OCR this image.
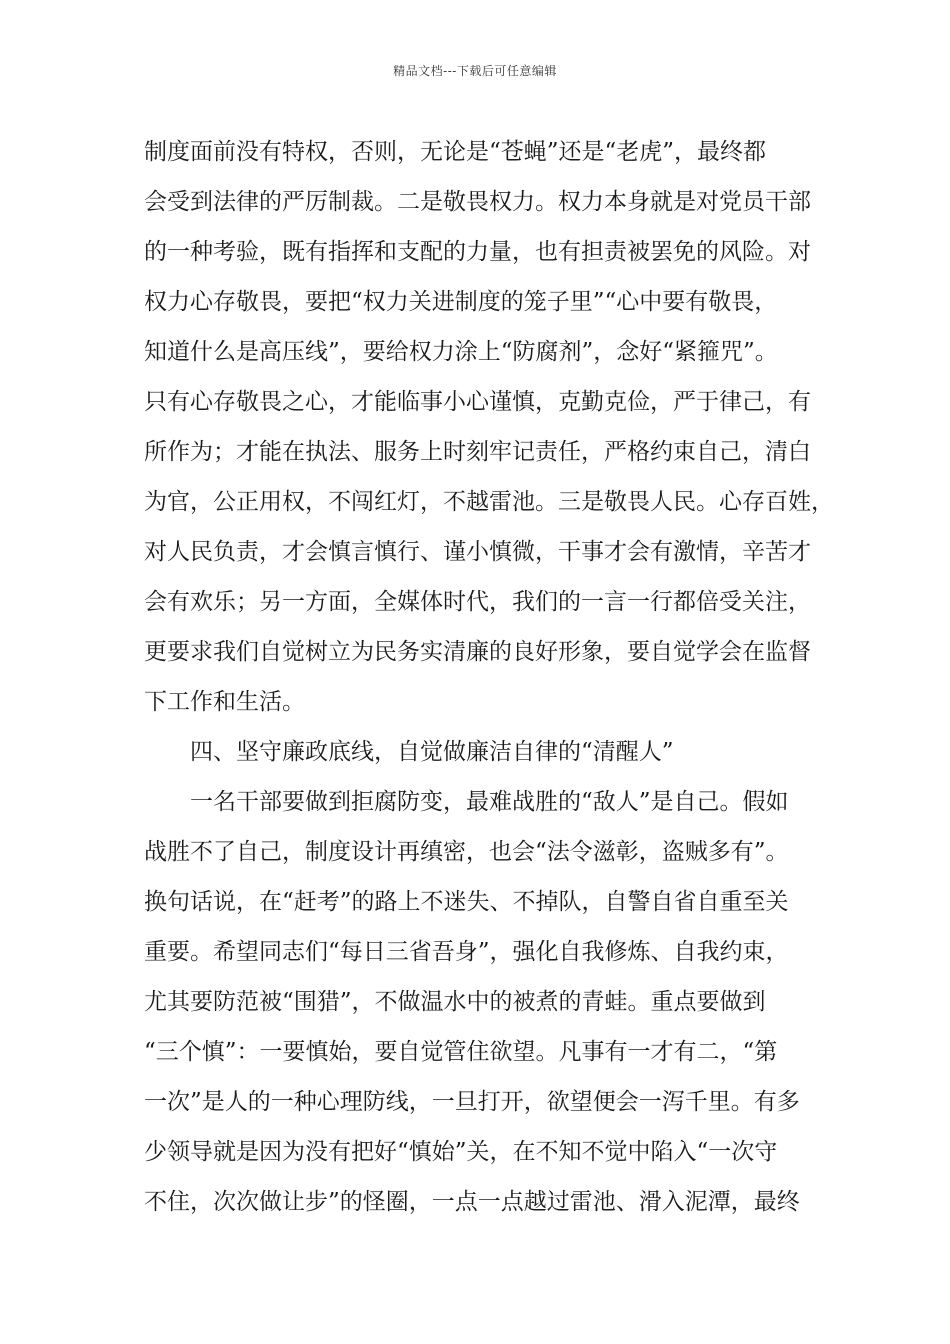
精品文档---下载后可任意编辑
制度面前没有特权，否则，无论是“苍蝇”还是“老虎”，最终都
会受到法律的严厉制裁。二是敬畏权力。权力本身就是对党员干部
的一种考验，既有指挥和支配的力量，也有担责被罢免的风险。对
权力心存敬畏，要把“权力关进制度的笼子里”“心中要有敬畏，
知道什么是高压线”，要给权力涂上“防腐剂”，念好“紧箍咒”。
只有心存敬畏之心，才能临事小心谨慎，克勤克俭，严于律己，有
所作为；才能在执法、服务上时刻牢记责任，严格约束自己，清白
为官，公正用权，不闯红灯，不越雷池。三是敬畏人民。心存百姓，
对人民负责，才会慎言慎行、谨小慎微，干事才会有激情，辛苦才
会有欢乐；另一方面，全媒体时代，我们的一言一行都倍受关注，
更要求我们自觉树立为民务实清廉的良好形象，要自觉学会在监督
下工作和生活。
四、坚守廉政底线，自觉做廉洁自律的“清醒人”
一名干部要做到拒腐防变，最难战胜的“敌人”是自己。假如
战胜不了自己，制度设计再缜密，也会“法令滋彰，盗贼多有”。
换句话说，在“赶考”的路上不迷失、不掉队，自警自省自重至关
重要。希望同志们“每日三省吾身”，强化自我修炼、自我约束，
尤其要防范被“围猎”，不做温水中的被煮的青蛙。重点要做到
“三个慎”：一要慎始，要自觉管住欲望。凡事有一才有二，“第
一次”是人的一种心理防线，一旦打开，欲望便会一泻千里。有多
少领导就是因为没有把好“慎始”关，在不知不觉中陷入“一次守
不住，次次做让步”的怪圈，一点一点越过雷池、滑入泥潭，最终
